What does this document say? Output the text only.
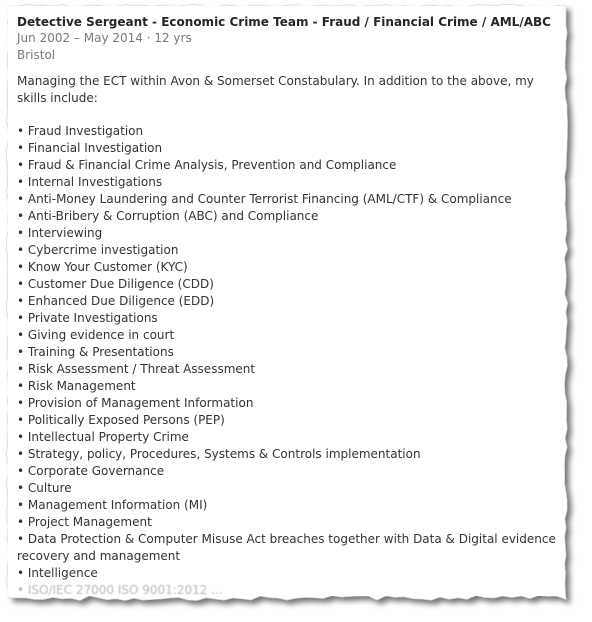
Detective Sergeant - Economic Crime Team - Fraud / Financial Crime / AML/ABC
Jun 2002 – May 2014 · 12 yrs
Bristol
Managing the ECT within Avon & Somerset Constabulary. In addition to the above, my skills include:
• Fraud Investigation
• Financial Investigation
• Fraud & Financial Crime Analysis, Prevention and Compliance
• Internal Investigations
• Anti-Money Laundering and Counter Terrorist Financing (AML/CTF) & Compliance
• Anti-Bribery & Corruption (ABC) and Compliance
• Interviewing
• Cybercrime investigation
• Know Your Customer (KYC)
• Customer Due Diligence (CDD)
• Enhanced Due Diligence (EDD)
• Private Investigations
• Giving evidence in court
• Training & Presentations
• Risk Assessment / Threat Assessment
• Risk Management
• Provision of Management Information
• Politically Exposed Persons (PEP)
• Intellectual Property Crime
• Strategy, policy, Procedures, Systems & Controls implementation
• Corporate Governance
• Culture
• Management Information (MI)
• Project Management
• Data Protection & Computer Misuse Act breaches together with Data & Digital evidence recovery and management
• Intelligence
• ISO/IEC 27000 ISO 9001:2012 ...
